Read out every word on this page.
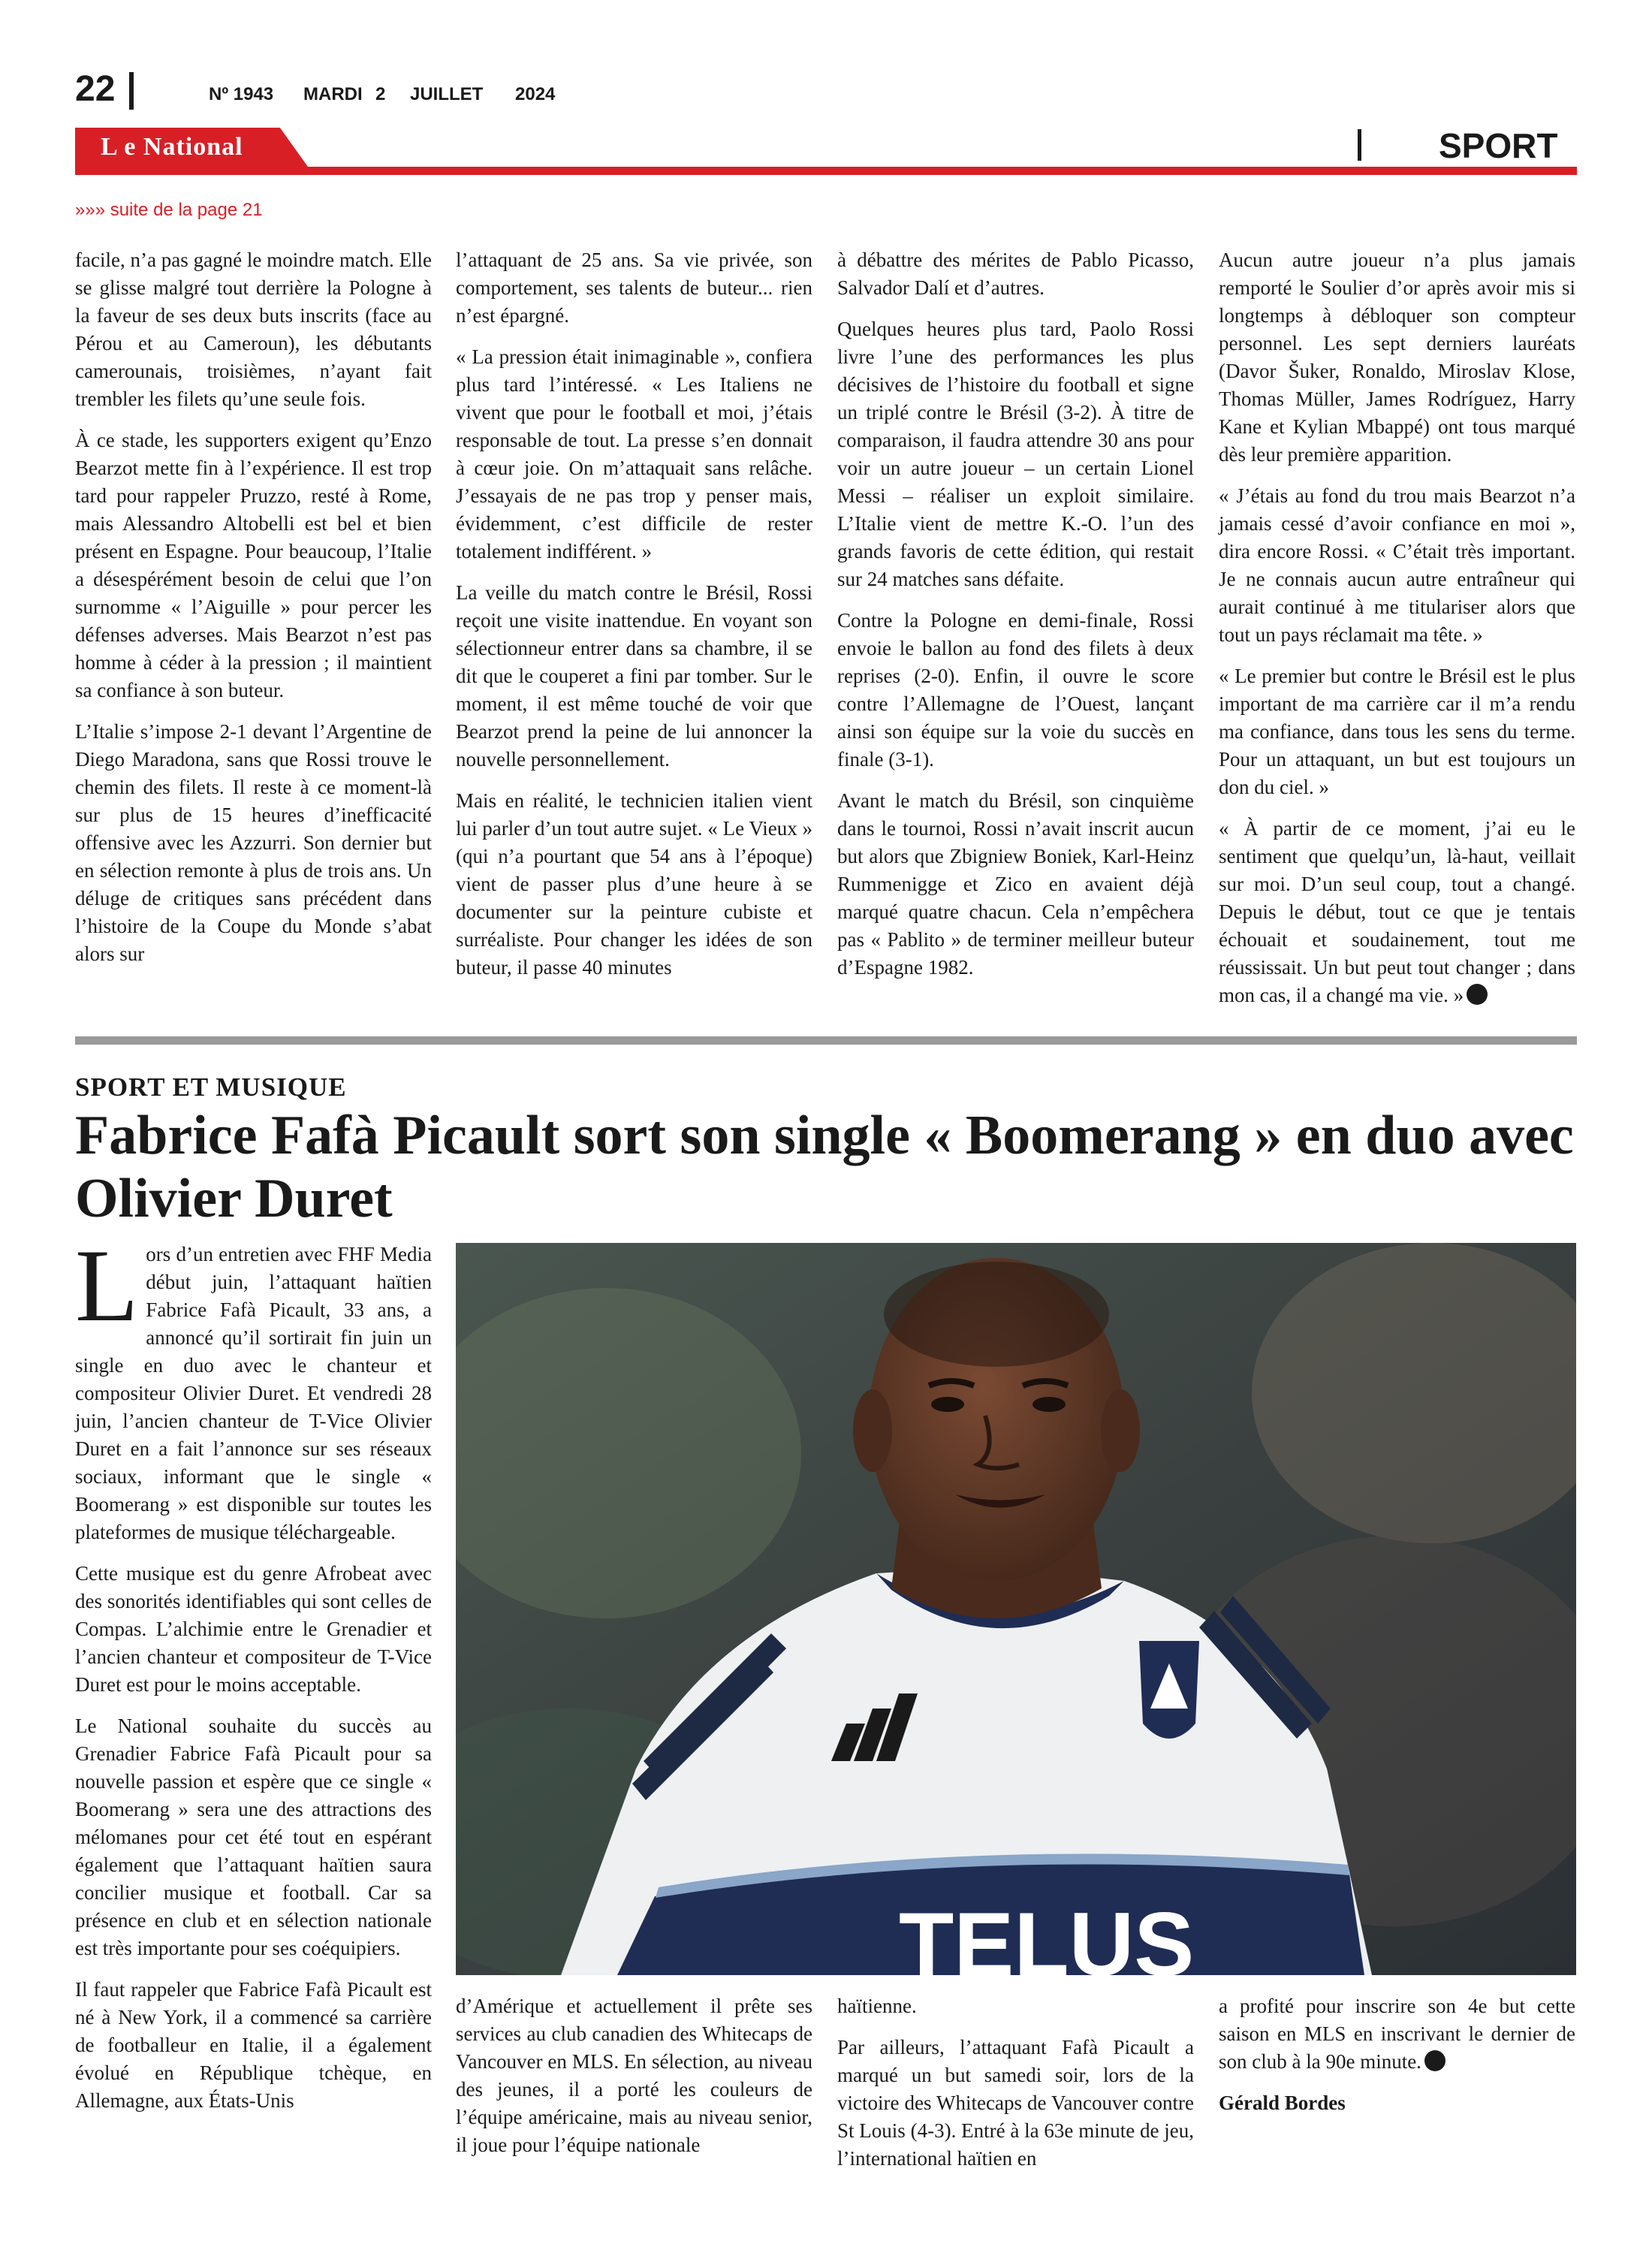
22	Nº 1943 MARDI 2 JUILLET 2024
L e National	SPORT
»»» suite de la page 21

facile, n’a pas gagné le moindre match. Elle se glisse malgré tout derrière la Pologne à la faveur de ses deux buts inscrits (face au Pérou et au Cameroun), les débutants camerounais, troisièmes, n’ayant fait trembler les filets qu’une seule fois.

À ce stade, les supporters exigent qu’Enzo Bearzot mette fin à l’expérience. Il est trop tard pour rappeler Pruzzo, resté à Rome, mais Alessandro Altobelli est bel et bien présent en Espagne. Pour beaucoup, l’Italie a désespérément besoin de celui que l’on surnomme « l’Aiguille » pour percer les défenses adverses. Mais Bearzot n’est pas homme à céder à la pression ; il maintient sa confiance à son buteur.

L’Italie s’impose 2-1 devant l’Argentine de Diego Maradona, sans que Rossi trouve le chemin des filets. Il reste à ce moment-là sur plus de 15 heures d’inefficacité offensive avec les Azzurri. Son dernier but en sélection remonte à plus de trois ans. Un déluge de critiques sans précédent dans l’histoire de la Coupe du Monde s’abat alors sur

l’attaquant de 25 ans. Sa vie privée, son comportement, ses talents de buteur... rien n’est épargné.

« La pression était inimaginable », confiera plus tard l’intéressé. « Les Italiens ne vivent que pour le football et moi, j’étais responsable de tout. La presse s’en donnait à cœur joie. On m’attaquait sans relâche. J’essayais de ne pas trop y penser mais, évidemment, c’est difficile de rester totalement indifférent. »

La veille du match contre le Brésil, Rossi reçoit une visite inattendue. En voyant son sélectionneur entrer dans sa chambre, il se dit que le couperet a fini par tomber. Sur le moment, il est même touché de voir que Bearzot prend la peine de lui annoncer la nouvelle personnellement.

Mais en réalité, le technicien italien vient lui parler d’un tout autre sujet. « Le Vieux » (qui n’a pourtant que 54 ans à l’époque) vient de passer plus d’une heure à se documenter sur la peinture cubiste et surréaliste. Pour changer les idées de son buteur, il passe 40 minutes

à débattre des mérites de Pablo Picasso, Salvador Dalí et d’autres.

Quelques heures plus tard, Paolo Rossi livre l’une des performances les plus décisives de l’histoire du football et signe un triplé contre le Brésil (3-2). À titre de comparaison, il faudra attendre 30 ans pour voir un autre joueur – un certain Lionel Messi – réaliser un exploit similaire. L’Italie vient de mettre K.-O. l’un des grands favoris de cette édition, qui restait sur 24 matches sans défaite.

Contre la Pologne en demi-finale, Rossi envoie le ballon au fond des filets à deux reprises (2-0). Enfin, il ouvre le score contre l’Allemagne de l’Ouest, lançant ainsi son équipe sur la voie du succès en finale (3-1).

Avant le match du Brésil, son cinquième dans le tournoi, Rossi n’avait inscrit aucun but alors que Zbigniew Boniek, Karl-Heinz Rummenigge et Zico en avaient déjà marqué quatre chacun. Cela n’empêchera pas « Pablito » de terminer meilleur buteur d’Espagne 1982.

Aucun autre joueur n’a plus jamais remporté le Soulier d’or après avoir mis si longtemps à débloquer son compteur personnel. Les sept derniers lauréats (Davor Šuker, Ronaldo, Miroslav Klose, Thomas Müller, James Rodríguez, Harry Kane et Kylian Mbappé) ont tous marqué dès leur première apparition.

« J’étais au fond du trou mais Bearzot n’a jamais cessé d’avoir confiance en moi », dira encore Rossi. « C’était très important. Je ne connais aucun autre entraîneur qui aurait continué à me titulariser alors que tout un pays réclamait ma tête. »

« Le premier but contre le Brésil est le plus important de ma carrière car il m’a rendu ma confiance, dans tous les sens du terme. Pour un attaquant, un but est toujours un don du ciel. »

« À partir de ce moment, j’ai eu le sentiment que quelqu’un, là-haut, veillait sur moi. D’un seul coup, tout a changé. Depuis le début, tout ce que je tentais échouait et soudainement, tout me réussissait. Un but peut tout changer ; dans mon cas, il a changé ma vie. »

SPORT ET MUSIQUE
Fabrice Fafà Picault sort son single « Boomerang » en duo avec Olivier Duret

Lors d’un entretien avec FHF Media début juin, l’attaquant haïtien Fabrice Fafà Picault, 33 ans, a annoncé qu’il sortirait fin juin un single en duo avec le chanteur et compositeur Olivier Duret. Et vendredi 28 juin, l’ancien chanteur de T-Vice Olivier Duret en a fait l’annonce sur ses réseaux sociaux, informant que le single « Boomerang » est disponible sur toutes les plateformes de musique téléchargeable.

Cette musique est du genre Afrobeat avec des sonorités identifiables qui sont celles de Compas. L’alchimie entre le Grenadier et l’ancien chanteur et compositeur de T-Vice Duret est pour le moins acceptable.

Le National souhaite du succès au Grenadier Fabrice Fafà Picault pour sa nouvelle passion et espère que ce single « Boomerang » sera une des attractions des mélomanes pour cet été tout en espérant également que l’attaquant haïtien saura concilier musique et football. Car sa présence en club et en sélection nationale est très importante pour ses coéquipiers.

Il faut rappeler que Fabrice Fafà Picault est né à New York, il a commencé sa carrière de footballeur en Italie, il a également évolué en République tchèque, en Allemagne, aux États-Unis

TELUS

d’Amérique et actuellement il prête ses services au club canadien des Whitecaps de Vancouver en MLS. En sélection, au niveau des jeunes, il a porté les couleurs de l’équipe américaine, mais au niveau senior, il joue pour l’équipe nationale

haïtienne.

Par ailleurs, l’attaquant Fafà Picault a marqué un but samedi soir, lors de la victoire des Whitecaps de Vancouver contre St Louis (4-3). Entré à la 63e minute de jeu, l’international haïtien en

a profité pour inscrire son 4e but cette saison en MLS en inscrivant le dernier de son club à la 90e minute.

Gérald Bordes
